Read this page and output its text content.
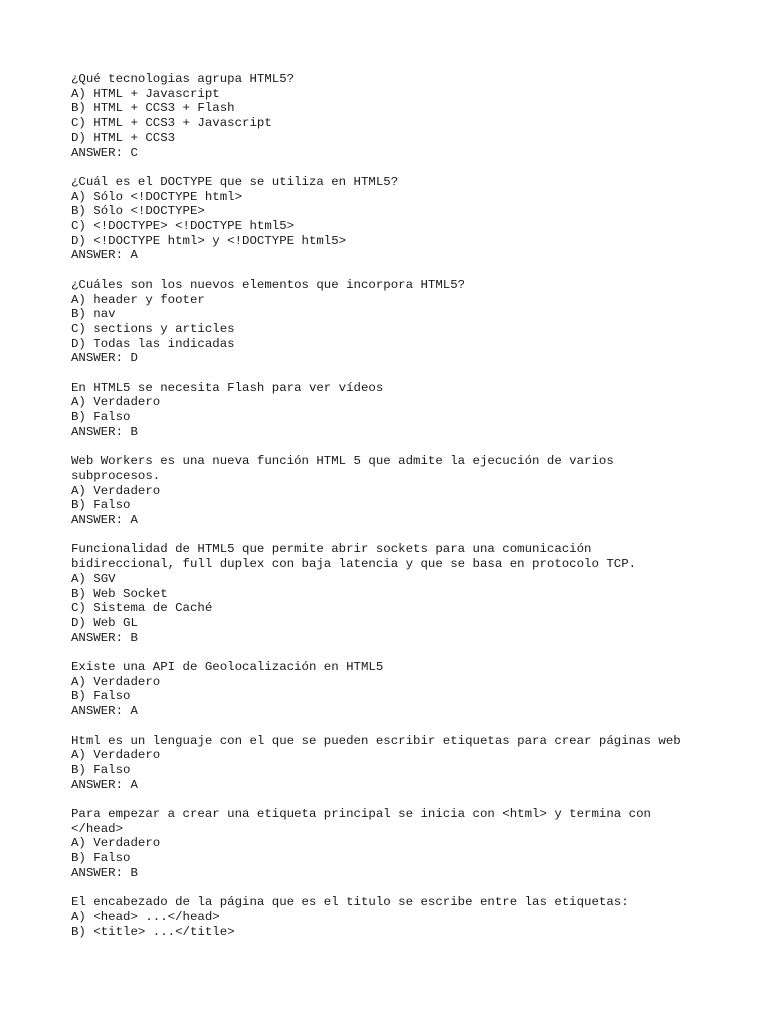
¿Qué tecnologias agrupa HTML5?
A) HTML + Javascript
B) HTML + CCS3 + Flash
C) HTML + CCS3 + Javascript
D) HTML + CCS3
ANSWER: C
¿Cuál es el DOCTYPE que se utiliza en HTML5?
A) Sólo <!DOCTYPE html>
B) Sólo <!DOCTYPE>
C) <!DOCTYPE> <!DOCTYPE html5>
D) <!DOCTYPE html> y <!DOCTYPE html5>
ANSWER: A
¿Cuáles son los nuevos elementos que incorpora HTML5?
A) header y footer
B) nav
C) sections y articles
D) Todas las indicadas
ANSWER: D
En HTML5 se necesita Flash para ver vídeos
A) Verdadero
B) Falso
ANSWER: B
Web Workers es una nueva función HTML 5 que admite la ejecución de varios
subprocesos.
A) Verdadero
B) Falso
ANSWER: A
Funcionalidad de HTML5 que permite abrir sockets para una comunicación
bidireccional, full duplex con baja latencia y que se basa en protocolo TCP.
A) SGV
B) Web Socket
C) Sistema de Caché
D) Web GL
ANSWER: B
Existe una API de Geolocalización en HTML5
A) Verdadero
B) Falso
ANSWER: A
Html es un lenguaje con el que se pueden escribir etiquetas para crear páginas web
A) Verdadero
B) Falso
ANSWER: A
Para empezar a crear una etiqueta principal se inicia con <html> y termina con
</head>
A) Verdadero
B) Falso
ANSWER: B
El encabezado de la página que es el titulo se escribe entre las etiquetas:
A) <head> ...</head>
B) <title> ...</title>
